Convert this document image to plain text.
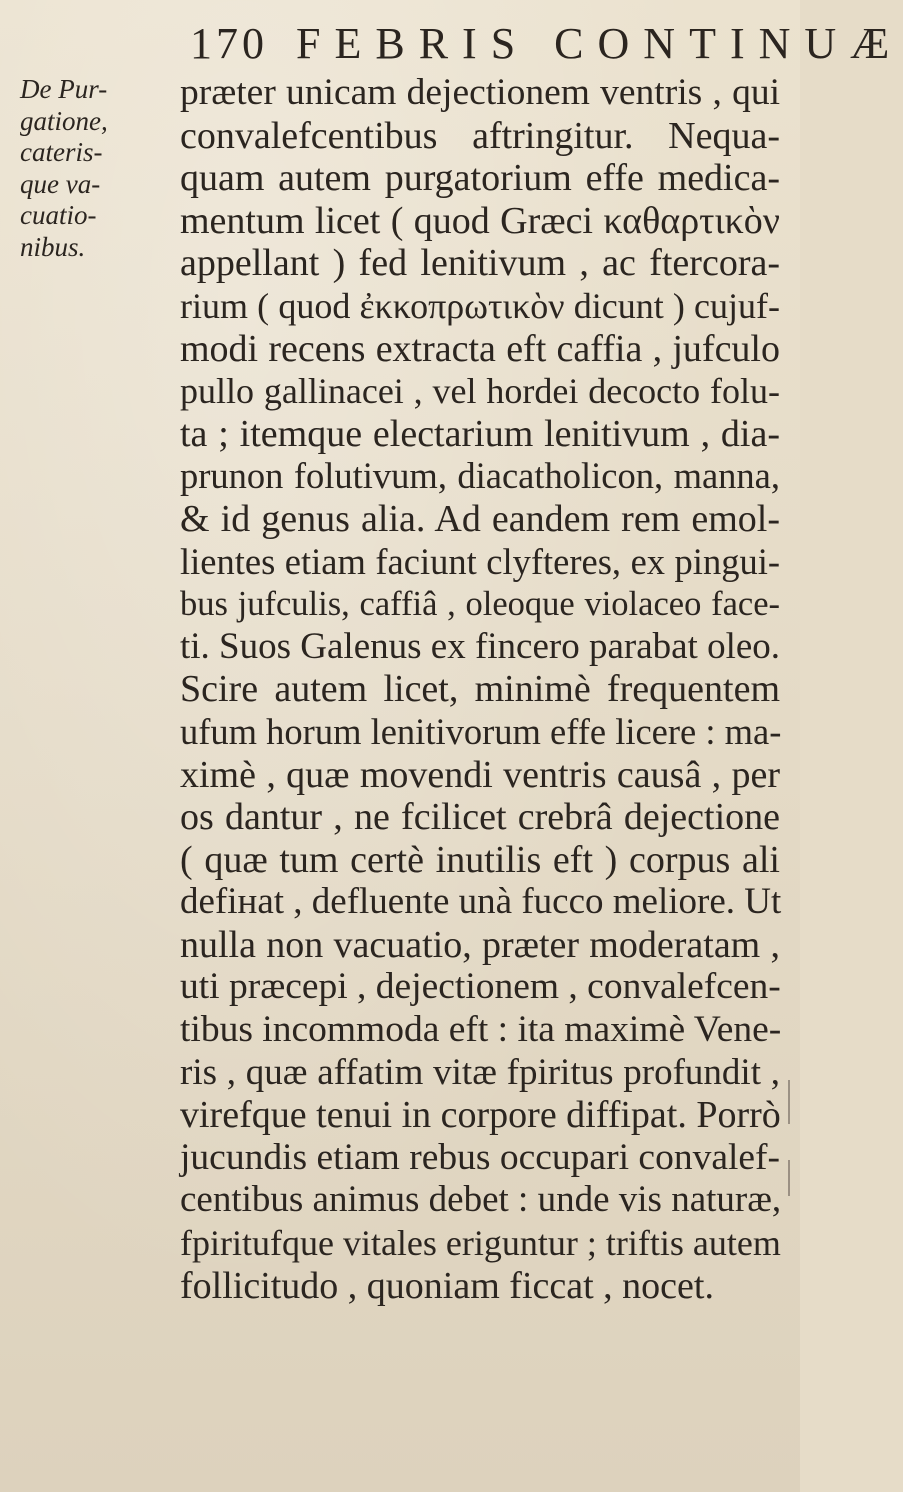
170 FEBRIS CONTINUÆ
De Pur-
gatione,
cateris-
que va-
cuatio-
nibus.
præter unicam dejectionem ventris , qui
convalefcentibus aftringitur. Nequa-
quam autem purgatorium effe medica-
mentum licet ( quod Græci καθαρτικὸν
appellant ) fed lenitivum , ac ftercora-
rium ( quod ἐκκοπρωτικὸν dicunt ) cujuf-
modi recens extracta eft caffia , jufculo
pullo gallinacei , vel hordei decocto folu-
ta ; itemque electarium lenitivum , dia-
prunon folutivum, diacatholicon, manna,
& id genus alia. Ad eandem rem emol-
lientes etiam faciunt clyfteres, ex pingui-
bus jufculis, caffiâ , oleoque violaceo facе-
ti. Suos Galenus ex fincero parabat oleo.
Scire autem licet, minimè frequentem
ufum horum lenitivorum effe licere : ma-
ximè , quæ movendi ventris causâ , per
os dantur , ne fcilicet crebrâ dejectione
( quæ tum certè inutilis eft ) corpus ali
defінat , defluente unà fucco meliore. Ut
nulla non vacuatio, præter moderatam ,
uti præcepi , dejectionem , convalefcen-
tibus incommoda eft : ita maximè Vene-
ris , quæ affatim vitæ fpiritus profundit ,
virefque tenui in corpore diffipat. Porrò
jucundis etiam rebus occupari convalef-
centibus animus debet : unde vis naturæ,
fpiritufque vitales eriguntur ; triftis autem
follicitudo , quoniam ficcat , nocet.
